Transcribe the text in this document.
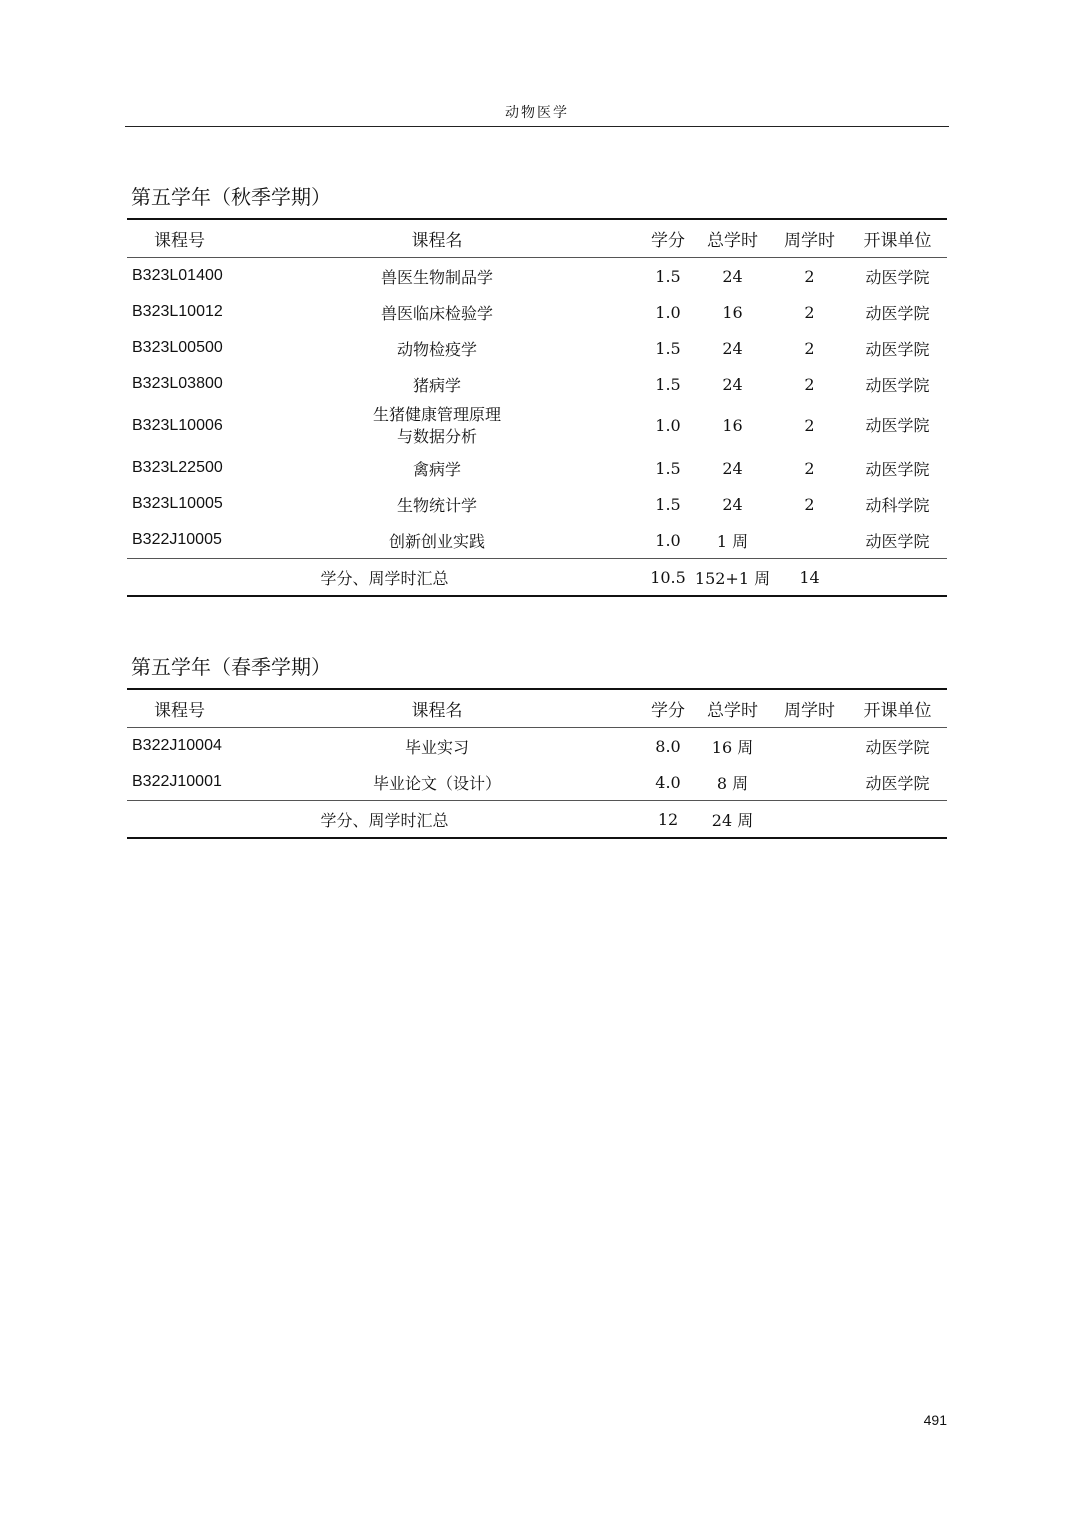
动物医学
第五学年（秋季学期）
课程号	课程名	学分	总学时	周学时	开课单位
B323L01400	兽医生物制品学	1.5	24	2	动医学院
B323L10012	兽医临床检验学	1.0	16	2	动医学院
B323L00500	动物检疫学	1.5	24	2	动医学院
B323L03800	猪病学	1.5	24	2	动医学院
B323L10006	生猪健康管理原理
与数据分析	1.0	16	2	动医学院
B323L22500	禽病学	1.5	24	2	动医学院
B323L10005	生物统计学	1.5	24	2	动科学院
B322J10005	创新创业实践	1.0	1 周		动医学院
学分、周学时汇总		10.5	152+1 周	14	
第五学年（春季学期）
课程号	课程名	学分	总学时	周学时	开课单位
B322J10004	毕业实习	8.0	16 周		动医学院
B322J10001	毕业论文（设计）	4.0	8 周		动医学院
学分、周学时汇总		12	24 周		
491
